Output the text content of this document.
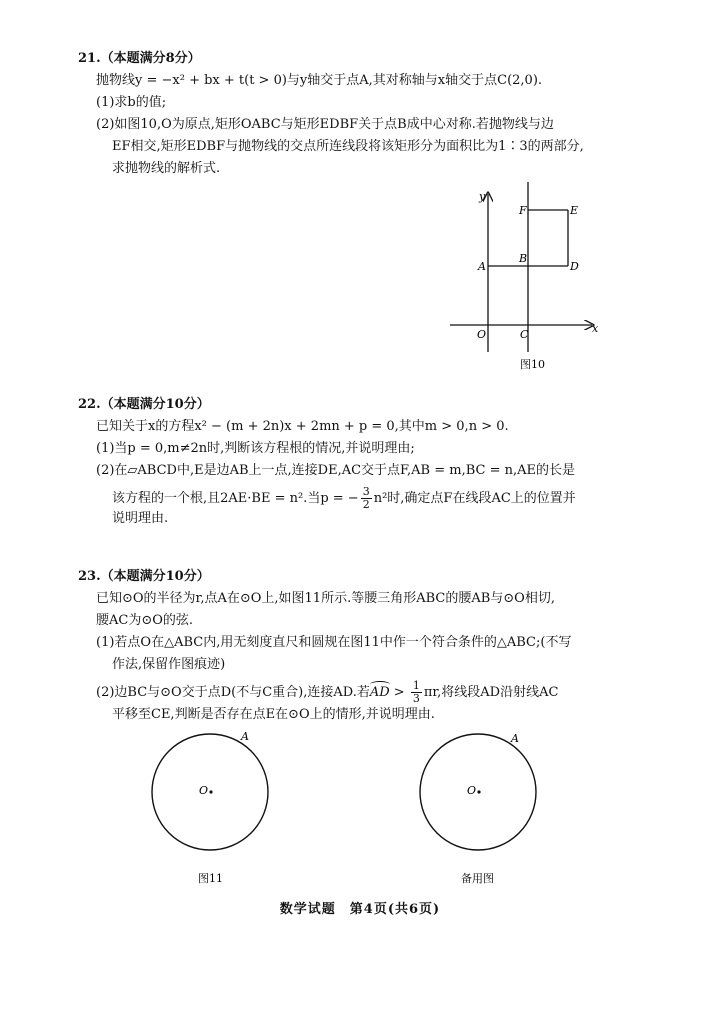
21.（本题满分8分）
抛物线y = −x² + bx + t(t > 0)与y轴交于点A,其对称轴与x轴交于点C(2,0).
(1)求b的值;
(2)如图10,O为原点,矩形OABC与矩形EDBF关于点B成中心对称.若抛物线与边
EF相交,矩形EDBF与抛物线的交点所连线段将该矩形分为面积比为1∶3的两部分,
求抛物线的解析式.
y
x
O	C
A
B
D
F	E
图10
22.（本题满分10分）
已知关于x的方程x² − (m + 2n)x + 2mn + p = 0,其中m > 0,n > 0.
(1)当p = 0,m≠2n时,判断该方程根的情况,并说明理由;
(2)在▱ABCD中,E是边AB上一点,连接DE,AC交于点F,AB = m,BC = n,AE的长是
该方程的一个根,且2AE·BE = n².当p = − $\frac{3}{2} n^2$时,确定点F在线段AC上的位置并
说明理由.
23.（本题满分10分）
已知⊙O的半径为r,点A在⊙O上,如图11所示.等腰三角形ABC的腰AB与⊙O相切,
腰AC为⊙O的弦.
(1)若点O在△ABC内,用无刻度直尺和圆规在图11中作一个符合条件的△ABC;(不写
作法,保留作图痕迹)
(2)边BC与⊙O交于点D(不与C重合),连接AD.若AD > $\frac{1}{3} \pi r$,将线段AD沿射线AC
平移至CE,判断是否存在点E在⊙O上的情形,并说明理由.
O
A
图11
O
A
备用图
数学试题　第4页(共6页)
